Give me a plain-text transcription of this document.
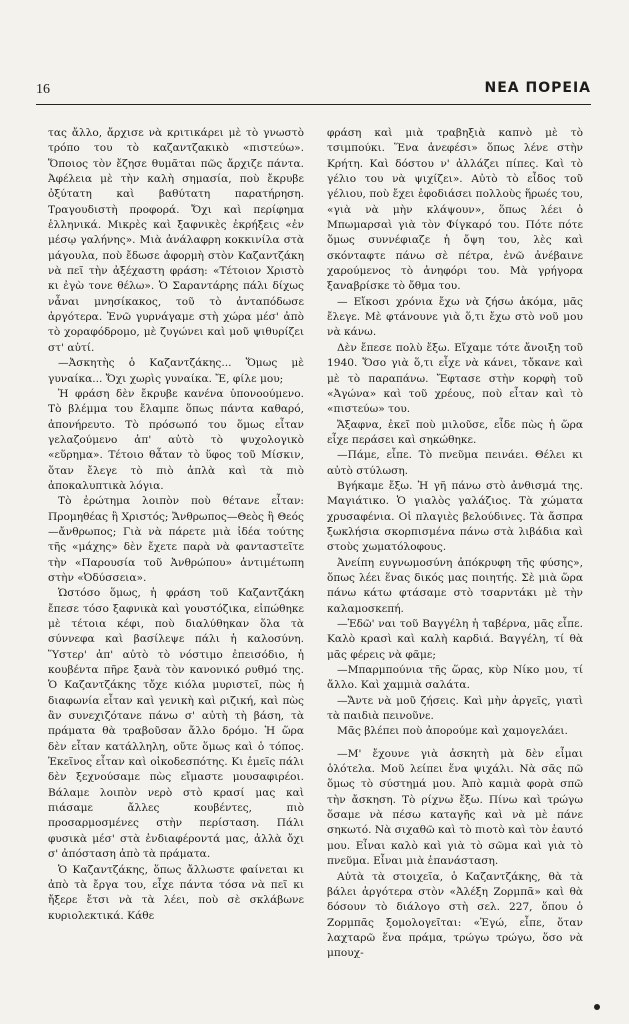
16	ΝΕΑ ΠΟΡΕΙΑ

τας ἄλλο, ἄρχισε νὰ κριτικάρει μὲ τὸ γνωστὸ τρόπο του τὸ καζαντζακικὸ «πιστεύω». Ὅποιος τὸν ἔζησε θυμᾶται πῶς ἄρχιζε πάντα. Ἀφέλεια μὲ τὴν καλὴ σημασία, ποὺ ἔκρυβε ὀξύτατη καὶ βαθύτατη παρατήρηση. Τραγουδιστὴ προφορά. Ὄχι καὶ περίφημα ἑλληνικά. Μικρὲς καὶ ξαφνικὲς ἐκρήξεις «ἐν μέσῳ γαλήνης». Μιὰ ἀνάλαφρη κοκκινίλα στὰ μάγουλα, ποὺ ἔδωσε ἀφορμὴ στὸν Καζαντζάκη νὰ πεῖ τὴν ἀξέχαστη φράση: «Τέτοιον Χριστὸ κι ἐγὼ τονε θέλω». Ὁ Σαραντάρης πάλι δίχως νἆναι μνησίκακος, τοῦ τὸ ἀνταπόδωσε ἀργότερα. Ἐνῶ γυρνάγαμε στὴ χώρα μέσ' ἀπὸ τὸ χοραφόδρομο, μὲ ζυγώνει καὶ μοῦ ψιθυρίζει στ' αὐτί.

—Ἀσκητὴς ὁ Καζαντζάκης... Ὅμως μὲ γυναίκα... Ὄχι χωρὶς γυναίκα. Ἔ, φίλε μου;

Ἡ φράση δὲν ἔκρυβε κανένα ὑπονοούμενο. Τὸ βλέμμα του ἔλαμπε ὅπως πάντα καθαρό, ἀπονήρευτο. Τὸ πρόσωπό του ὅμως εἶταν γελαζούμενο ἀπ' αὐτὸ τὸ ψυχολογικὸ «εὕρημα». Τέτοιο θἆταν τὸ ὕφος τοῦ Μίσκιν, ὅταν ἔλεγε τὸ πιὸ ἁπλὰ καὶ τὰ πιὸ ἀποκαλυπτικὰ λόγια.

Τὸ ἐρώτημα λοιπὸν ποὺ θέτανε εἶταν: Προμηθέας ἢ Χριστός; Ἄνθρωπος—Θεὸς ἢ Θεός—ἄνθρωπος; Γιὰ νὰ πάρετε μιὰ ἰδέα τούτης τῆς «μάχης» δὲν ἔχετε παρὰ νὰ φανταστεῖτε τὴν «Παρουσία τοῦ Ἀνθρώπου» ἀντιμέτωπη στὴν «Ὀδύσσεια».

Ὡστόσο ὅμως, ἡ φράση τοῦ Καζαντζάκη ἔπεσε τόσο ξαφνικὰ καὶ γουστόζικα, εἰπώθηκε μὲ τέτοια κέφι, ποὺ διαλύθηκαν ὅλα τὰ σύννεφα καὶ βασίλεψε πάλι ἡ καλοσύνη. Ὕστερ' ἀπ' αὐτὸ τὸ νόστιμο ἐπεισόδιο, ἡ κουβέντα πῆρε ξανὰ τὸν κανονικό ρυθμό της. Ὁ Καζαντζάκης τὄχε κιόλα μυριστεῖ, πὼς ἡ διαφωνία εἶταν καὶ γενικὴ καὶ ριζική, καὶ πὼς ἂν συνεχιζότανε πάνω σ' αὐτὴ τὴ βάση, τὰ πράματα θὰ τραβοῦσαν ἄλλο δρόμο. Ἡ ὥρα δὲν εἶταν κατάλληλη, οὔτε ὅμως καὶ ὁ τόπος. Ἐκεῖνος εἶταν καὶ οἰκοδεσπότης. Κι ἐμεῖς πάλι δὲν ξεχνούσαμε πὼς εἴμαστε μουσαφιρέοι. Βάλαμε λοιπὸν νερὸ στὸ κρασί μας καὶ πιάσαμε ἄλλες κουβέντες, πιὸ προσαρμοσμένες στὴν περίσταση. Πάλι φυσικὰ μέσ' στὰ ἐνδιαφέροντά μας, ἀλλὰ ὄχι σ' ἀπόσταση ἀπὸ τὰ πράματα.

Ὁ Καζαντζάκης, ὅπως ἄλλωστε φαίνεται κι ἀπὸ τὰ ἔργα του, εἶχε πάντα τόσα νὰ πεῖ κι ἤξερε ἔτσι νὰ τὰ λέει, ποὺ σὲ σκλάβωνε κυριολεκτικά. Κάθε

φράση καὶ μιὰ τραβηξιὰ καπνὸ μὲ τὸ τσιμπούκι. Ἕνα ἀνεφέσι» ὅπως λένε στὴν Κρήτη. Καὶ δόστου ν' ἀλλάζει πίπες. Καὶ τὸ γέλιο του νὰ ψιχίζει». Αὐτὸ τὸ εἶδος τοῦ γέλιου, ποὺ ἔχει ἐφοδιάσει πολλοὺς ἥρωές του, «γιὰ νὰ μὴν κλάψουν», ὅπως λέει ὁ Μπωμαρσαὶ γιὰ τὸν Φίγκαρό του. Πότε πότε ὅμως συννέφιαζε ἡ ὄψη του, λὲς καὶ σκόνταφτε πάνω σὲ πέτρα, ἐνῶ ἀνέβαινε χαρούμενος τὸ ἀνηφόρι του. Μὰ γρήγορα ξαναβρίσκε τὸ ὄθμα του.

— Εἴκοσι χρόνια ἔχω νὰ ζήσω ἀκόμα, μᾶς ἔλεγε. Μὲ φτάνουνε γιὰ ὅ,τι ἔχω στὸ νοῦ μου νὰ κάνω.

Δὲν ἔπεσε πολὺ ἔξω. Εἴχαμε τότε ἄνοιξη τοῦ 1940. Ὅσο γιὰ ὅ,τι εἶχε νὰ κάνει, τὄκανε καὶ μὲ τὸ παραπάνω. Ἔφτασε στὴν κορφὴ τοῦ «Ἀγώνα» καὶ τοῦ χρέους, ποὺ εἶταν καὶ τὸ «πιστεύω» του.

Ἄξαφνα, ἐκεῖ ποὺ μιλοῦσε, εἶδε πὼς ἡ ὥρα εἶχε περάσει καὶ σηκώθηκε.

—Πάμε, εἶπε. Τὸ πνεῦμα πεινάει. Θέλει κι αὐτὸ στύλωση.

Βγήκαμε ἔξω. Ἡ γῆ πάνω στὸ ἀνθισμά της. Μαγιάτικο. Ὁ γιαλὸς γαλάζιος. Τὰ χώματα χρυσαφένια. Οἱ πλαγιὲς βελούδινες. Τὰ ἄσπρα ξωκλήσια σκορπισμένα πάνω στὰ λιβάδια καὶ στοὺς χωματόλοφους.

Ἀνείπη ευγνωμοσύνη ἀπόκρυφη τῆς φύσης», ὅπως λέει ἕνας δικός μας ποιητής. Σὲ μιὰ ὥρα πάνω κάτω φτάσαμε στὸ τσαρντάκι μὲ τὴν καλαμοσκεπή.

—Ἐδῶ' ναι τοῦ Βαγγέλη ἡ ταβέρνα, μᾶς εἶπε. Καλὸ κρασὶ καὶ καλὴ καρδιά. Βαγγέλη, τί θὰ μᾶς φέρεις νὰ φᾶμε;

—Μπαρμπούνια τῆς ὥρας, κὺρ Νίκο μου, τί ἄλλο. Καὶ χαμμιὰ σαλάτα.

—Ἄντε νὰ μοῦ ζήσεις. Καὶ μὴν ἀργεῖς, γιατὶ τὰ παιδιὰ πεινοῦνε.

Μᾶς βλέπει ποὺ ἀπορούμε καὶ χαμογελάει.

—Μ' ἔχουνε γιὰ ἀσκητὴ μὰ δὲν εἶμαι ὁλότελα. Μοῦ λείπει ἕνα ψιχάλι. Νὰ σᾶς πῶ ὅμως τὸ σύστημά μου. Ἀπὸ καμιὰ φορὰ σπῶ τὴν ἄσκηση. Τὸ ρίχνω ἔξω. Πίνω καὶ τρώγω ὅσαμε νὰ πέσω καταγῆς καὶ νὰ μὲ πάνε σηκωτό. Νὰ σιχαθῶ καὶ τὸ πιοτὸ καὶ τὸν ἑαυτό μου. Εἶναι καλὸ καὶ γιὰ τὸ σῶμα καὶ γιὰ τὸ πνεῦμα. Εἶναι μιὰ ἐπανάσταση.

Αὐτὰ τὰ στοιχεῖα, ὁ Καζαντζάκης, θὰ τὰ βάλει ἀργότερα στὸν «Ἀλέξη Ζορμπᾶ» καὶ θὰ δόσουν τὸ διάλογο στὴ σελ. 227, ὅπου ὁ Ζορμπᾶς ξομολογεῖται: «Ἐγώ, εἶπε, ὅταν λαχταρῶ ἕνα πράμα, τρώγω τρώγω, ὅσο νὰ μπουχ-
